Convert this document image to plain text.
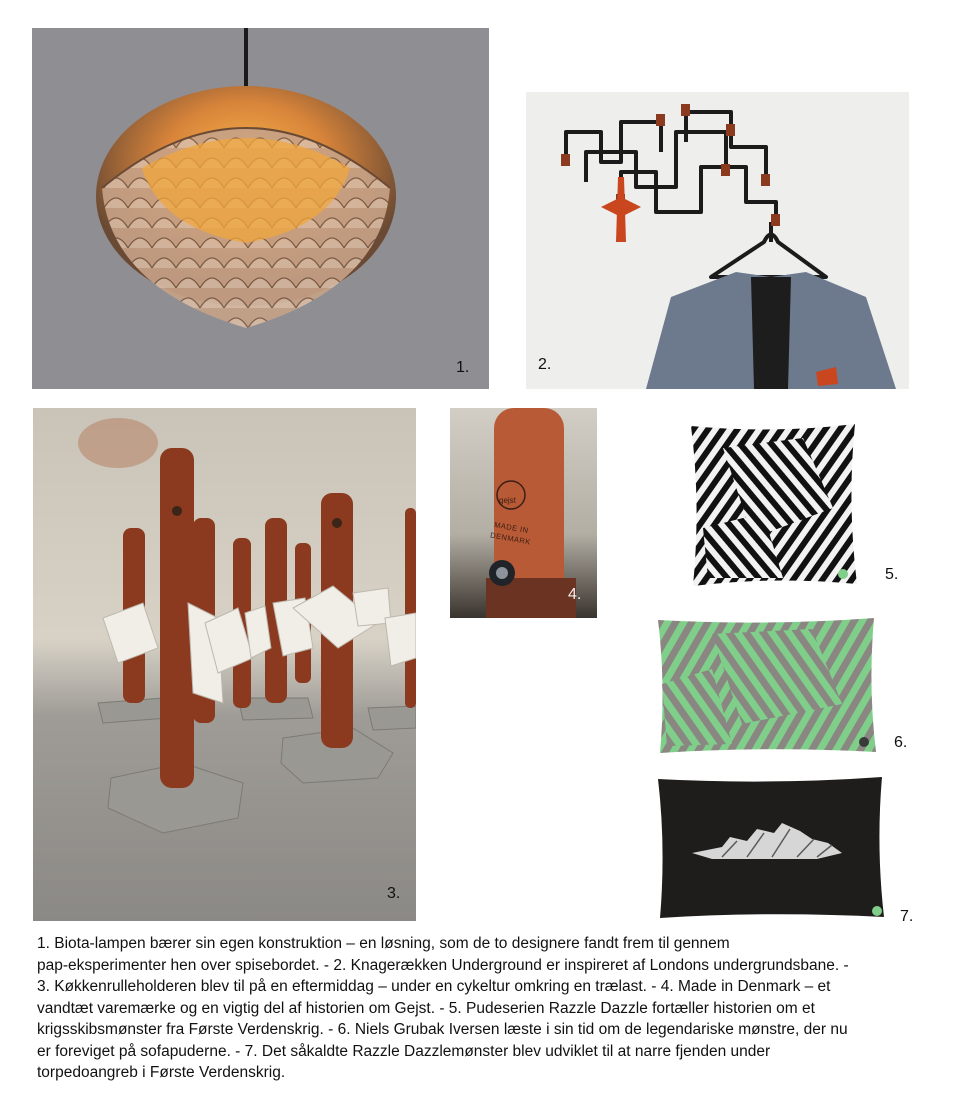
1.	2.
3.
gejst
MADE IN
DENMARK
4.
5.
6.
7.
1. Biota-lampen bærer sin egen konstruktion – en løsning, som de to designere fandt frem til gennem
pap-eksperimenter hen over spisebordet. - 2. Knagerækken Underground er inspireret af Londons undergrundsbane. -
3. Køkkenrulleholderen blev til på en eftermiddag – under en cykeltur omkring en trælast. - 4. Made in Denmark – et
vandtæt varemærke og en vigtig del af historien om Gejst. - 5. Pudeserien Razzle Dazzle fortæller historien om et
krigsskibsmønster fra Første Verdenskrig. - 6. Niels Grubak Iversen læste i sin tid om de legendariske mønstre, der nu
er foreviget på sofapuderne. - 7. Det såkaldte Razzle Dazzlemønster blev udviklet til at narre fjenden under
torpedoangreb i Første Verdenskrig.
